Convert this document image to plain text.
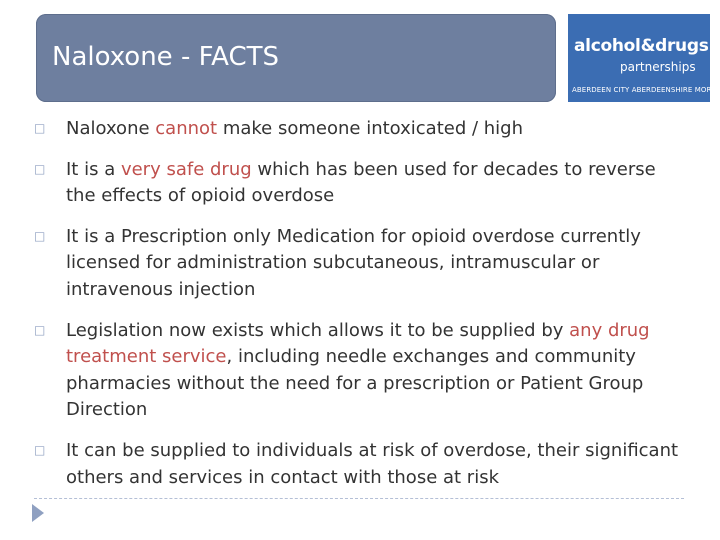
Naloxone - FACTS	alcohol&drugs
partnerships
ABERDEEN CITY ABERDEENSHIRE MORAY
□ Naloxone cannot make someone intoxicated / high
□ It is a very safe drug which has been used for decades to reverse the effects of opioid overdose
□ It is a Prescription only Medication for opioid overdose currently licensed for administration subcutaneous, intramuscular or intravenous injection
□ Legislation now exists which allows it to be supplied by any drug treatment service, including needle exchanges and community pharmacies without the need for a prescription or Patient Group Direction
□ It can be supplied to individuals at risk of overdose, their significant others and services in contact with those at risk
